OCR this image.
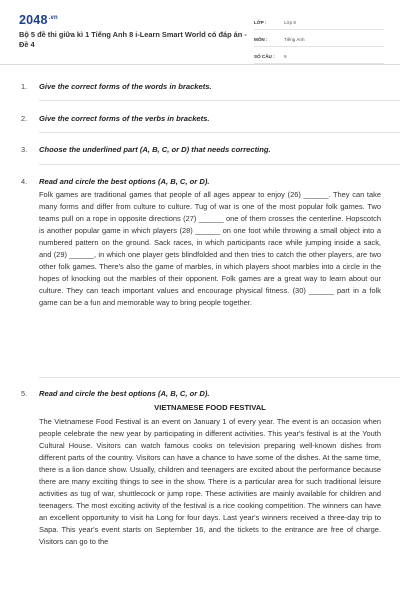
$2048^{.vn}$
Bộ 5 đề thi giữa kì 1 Tiếng Anh 8 i-Learn Smart World có đáp án - Đề 4
LỚP :	Lớp 8
MÔN :	Tiếng Anh
SỐ CÂU :	9
1. Give the correct forms of the words in brackets.
2. Give the correct forms of the verbs in brackets.
3. Choose the underlined part (A, B, C, or D) that needs correcting.
4. Read and circle the best options (A, B, C, or D).
Folk games are traditional games that people of all ages appear to enjoy (26) ______. They can take many forms and differ from culture to culture. Tug of war is one of the most popular folk games. Two teams pull on a rope in opposite directions (27) ______ one of them crosses the centerline. Hopscotch is another popular game in which players (28) ______ on one foot while throwing a small object into a numbered pattern on the ground. Sack races, in which participants race while jumping inside a sack, and (29) ______, in which one player gets blindfolded and then tries to catch the other players, are two other folk games. There's also the game of marbles, in which players shoot marbles into a circle in the hopes of knocking out the marbles of their opponent. Folk games are a great way to learn about our culture. They can teach important values and encourage physical fitness. (30) ______ part in a folk game can be a fun and memorable way to bring people together.
5. Read and circle the best options (A, B, C, or D).
VIETNAMESE FOOD FESTIVAL
The Vietnamese Food Festival is an event on January 1 of every year. The event is an occasion when people celebrate the new year by participating in different activities. This year's festival is at the Youth Cultural House. Visitors can watch famous cooks on television preparing well-known dishes from different parts of the country. Visitors can have a chance to have some of the dishes. At the same time, there is a lion dance show. Usually, children and teenagers are excited about the performance because there are many exciting things to see in the show. There is a particular area for such traditional leisure activities as tug of war, shuttlecock or jump rope. These activities are mainly available for children and teenagers. The most exciting activity of the festival is a rice cooking competition. The winners can have an excellent opportunity to visit ha Long for four days. Last year's winners received a three-day trip to Sapa. This year's event starts on September 16, and the tickets to the entrance are free of charge. Visitors can go to the
